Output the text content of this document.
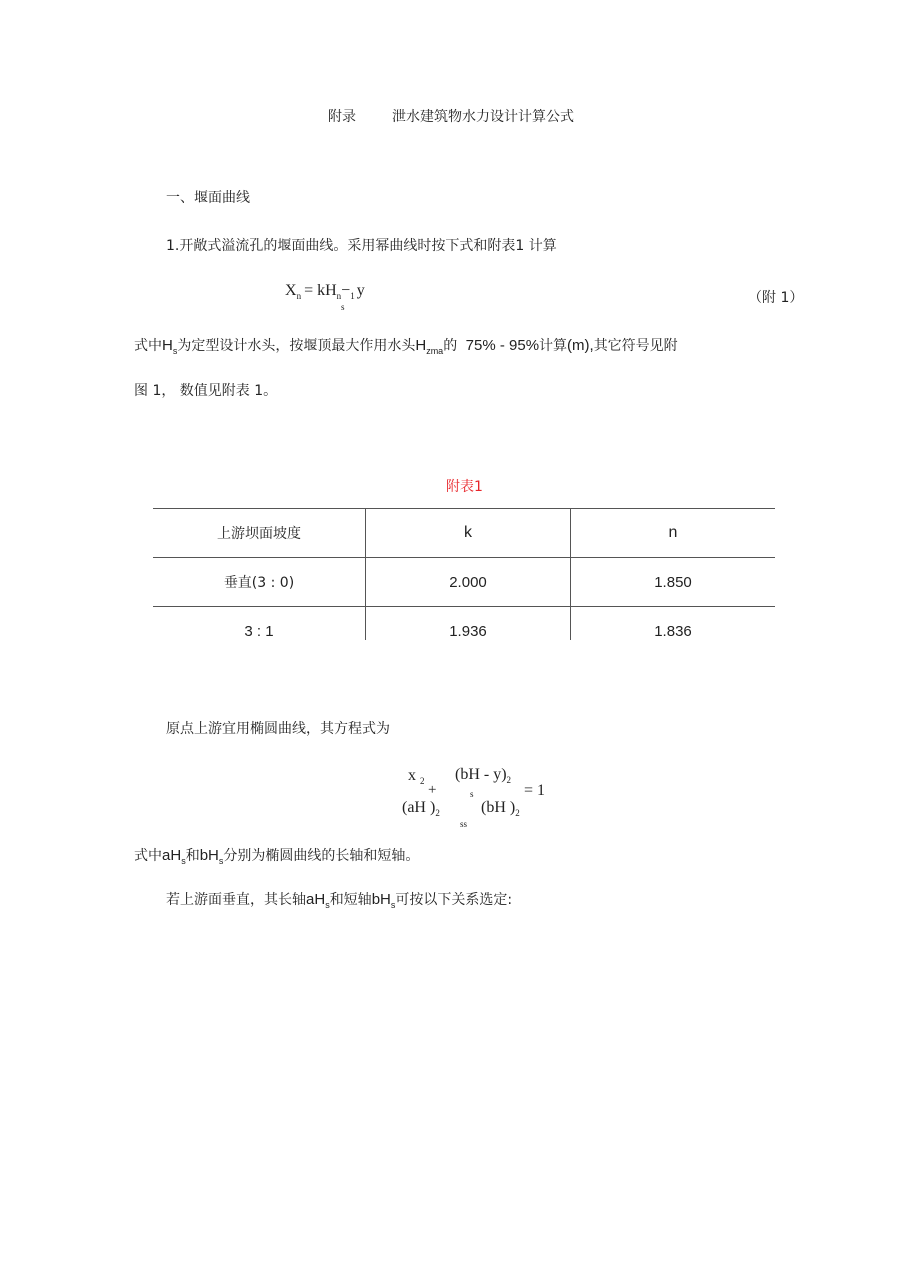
附录	泄水建筑物水力设计计算公式
一、堰面曲线
1.开敞式溢流孔的堰面曲线。采用幂曲线时按下式和附表1 计算
$X_n = kH_n-_1$ y
s
（附 1）
式中$H_s$为定型设计水头，按堰顶最大作用水头$H_{zma}$的 75% - 95%计算(m),其它符号见附
图 1， 数值见附表 1。
附表1
上游坝面坡度	k	n
垂直(3 : 0)	2.000	1.850
3 : 1	1.936	1.836
原点上游宜用椭圆曲线，其方程式为
x $_2$ $(bH - y)_2$
+	s	= 1
(aH )$_2$	(bH )$_2$
ss
式中$aH_s$和$bH_s$分别为椭圆曲线的长轴和短轴。
若上游面垂直，其长轴$aH_s$和短轴$bH_s$可按以下关系选定:
